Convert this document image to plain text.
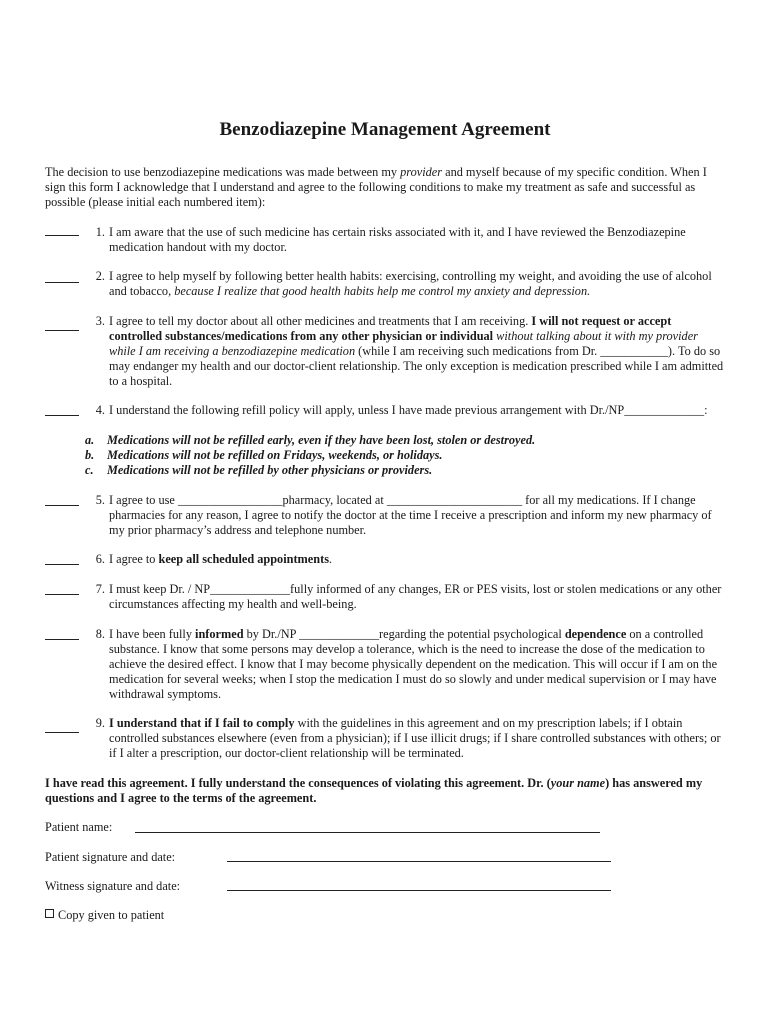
Benzodiazepine Management Agreement
The decision to use benzodiazepine medications was made between my provider and myself because of my specific condition. When I sign this form I acknowledge that I understand and agree to the following conditions to make my treatment as safe and successful as possible (please initial each numbered item):
1. I am aware that the use of such medicine has certain risks associated with it, and I have reviewed the Benzodiazepine medication handout with my doctor.
2. I agree to help myself by following better health habits: exercising, controlling my weight, and avoiding the use of alcohol and tobacco, because I realize that good health habits help me control my anxiety and depression.
3. I agree to tell my doctor about all other medicines and treatments that I am receiving. I will not request or accept controlled substances/medications from any other physician or individual without talking about it with my provider while I am receiving a benzodiazepine medication (while I am receiving such medications from Dr. ___________). To do so may endanger my health and our doctor-client relationship. The only exception is medication prescribed while I am admitted to a hospital.
4. I understand the following refill policy will apply, unless I have made previous arrangement with Dr./NP_____________:
a. Medications will not be refilled early, even if they have been lost, stolen or destroyed.
b. Medications will not be refilled on Fridays, weekends, or holidays.
c. Medications will not be refilled by other physicians or providers.
5. I agree to use _________________pharmacy, located at ______________________ for all my medications. If I change pharmacies for any reason, I agree to notify the doctor at the time I receive a prescription and inform my new pharmacy of my prior pharmacy’s address and telephone number.
6. I agree to keep all scheduled appointments.
7. I must keep Dr. / NP_____________fully informed of any changes, ER or PES visits, lost or stolen medications or any other circumstances affecting my health and well-being.
8. I have been fully informed by Dr./NP _____________regarding the potential psychological dependence on a controlled substance. I know that some persons may develop a tolerance, which is the need to increase the dose of the medication to achieve the desired effect. I know that I may become physically dependent on the medication. This will occur if I am on the medication for several weeks; when I stop the medication I must do so slowly and under medical supervision or I may have withdrawal symptoms.
9. I understand that if I fail to comply with the guidelines in this agreement and on my prescription labels; if I obtain controlled substances elsewhere (even from a physician); if I use illicit drugs; if I share controlled substances with others; or if I alter a prescription, our doctor-client relationship will be terminated.
I have read this agreement. I fully understand the consequences of violating this agreement. Dr. (your name) has answered my questions and I agree to the terms of the agreement.
Patient name:
Patient signature and date:
Witness signature and date:
Copy given to patient
